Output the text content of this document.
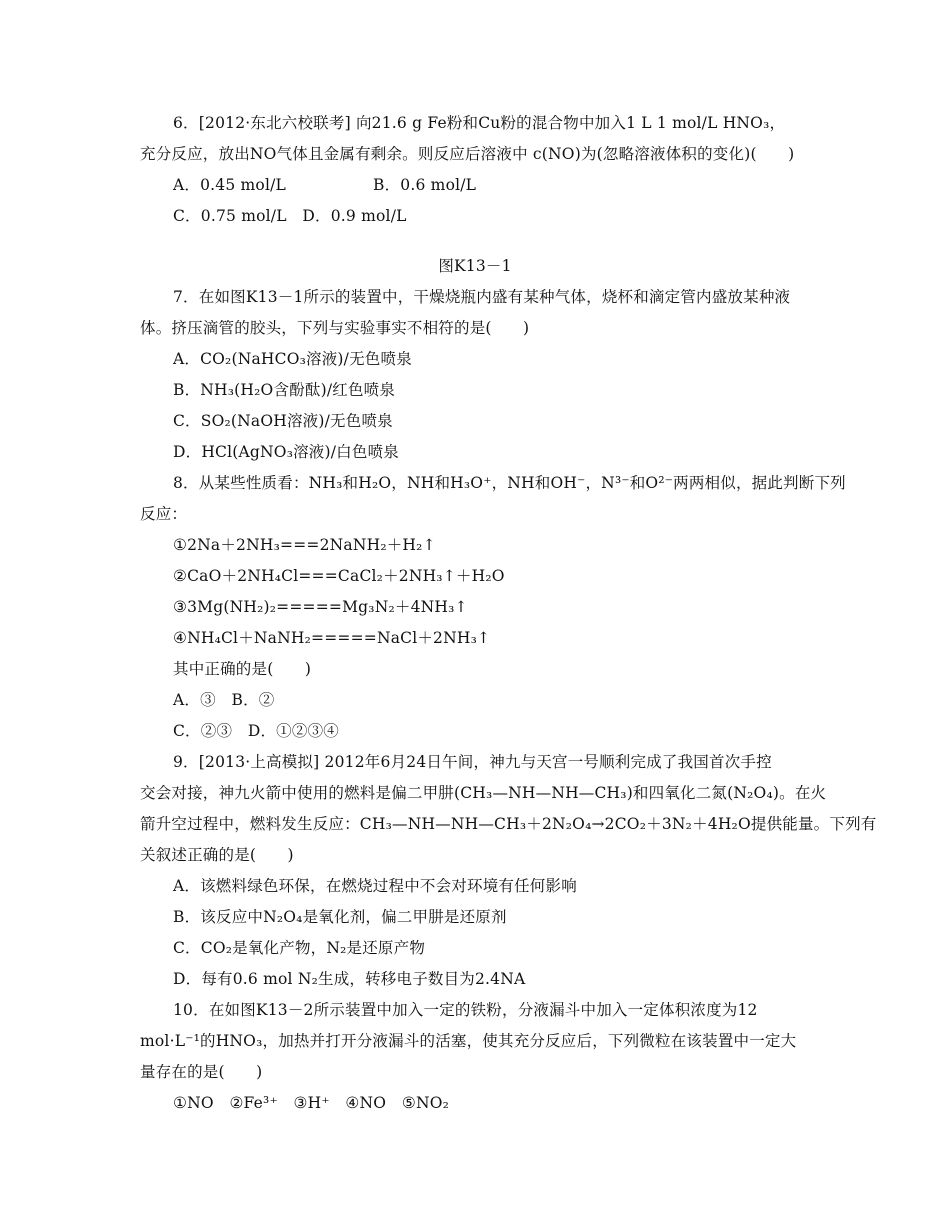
6．[2012·东北六校联考] 向21.6 g Fe粉和Cu粉的混合物中加入1 L 1 mol/L HNO₃，
充分反应，放出NO气体且金属有剩余。则反应后溶液中 c(NO)为(忽略溶液体积的变化)(　　)
A．0.45 mol/L	B．0.6 mol/L
C．0.75 mol/L　D．0.9 mol/L
图K13－1
7．在如图K13－1所示的装置中，干燥烧瓶内盛有某种气体，烧杯和滴定管内盛放某种液
体。挤压滴管的胶头，下列与实验事实不相符的是(　　)
A．CO₂(NaHCO₃溶液)/无色喷泉
B．NH₃(H₂O含酚酞)/红色喷泉
C．SO₂(NaOH溶液)/无色喷泉
D．HCl(AgNO₃溶液)/白色喷泉
8．从某些性质看：NH₃和H₂O，NH和H₃O⁺，NH和OH⁻，N³⁻和O²⁻两两相似，据此判断下列
反应：
①2Na＋2NH₃===2NaNH₂＋H₂↑
②CaO＋2NH₄Cl===CaCl₂＋2NH₃↑＋H₂O
③3Mg(NH₂)₂=====Mg₃N₂＋4NH₃↑
④NH₄Cl＋NaNH₂=====NaCl＋2NH₃↑
其中正确的是(　　)
A．③　B．②
C．②③　D．①②③④
9．[2013·上高模拟] 2012年6月24日午间，神九与天宫一号顺利完成了我国首次手控
交会对接，神九火箭中使用的燃料是偏二甲肼(CH₃—NH—NH—CH₃)和四氧化二氮(N₂O₄)。在火
箭升空过程中，燃料发生反应：CH₃—NH—NH—CH₃＋2N₂O₄→2CO₂＋3N₂＋4H₂O提供能量。下列有
关叙述正确的是(　　)
A．该燃料绿色环保，在燃烧过程中不会对环境有任何影响
B．该反应中N₂O₄是氧化剂，偏二甲肼是还原剂
C．CO₂是氧化产物，N₂是还原产物
D．每有0.6 mol N₂生成，转移电子数目为2.4NA
10．在如图K13－2所示装置中加入一定的铁粉，分液漏斗中加入一定体积浓度为12
mol·L⁻¹的HNO₃，加热并打开分液漏斗的活塞，使其充分反应后，下列微粒在该装置中一定大
量存在的是(　　)
①NO　②Fe³⁺　③H⁺　④NO　⑤NO₂
